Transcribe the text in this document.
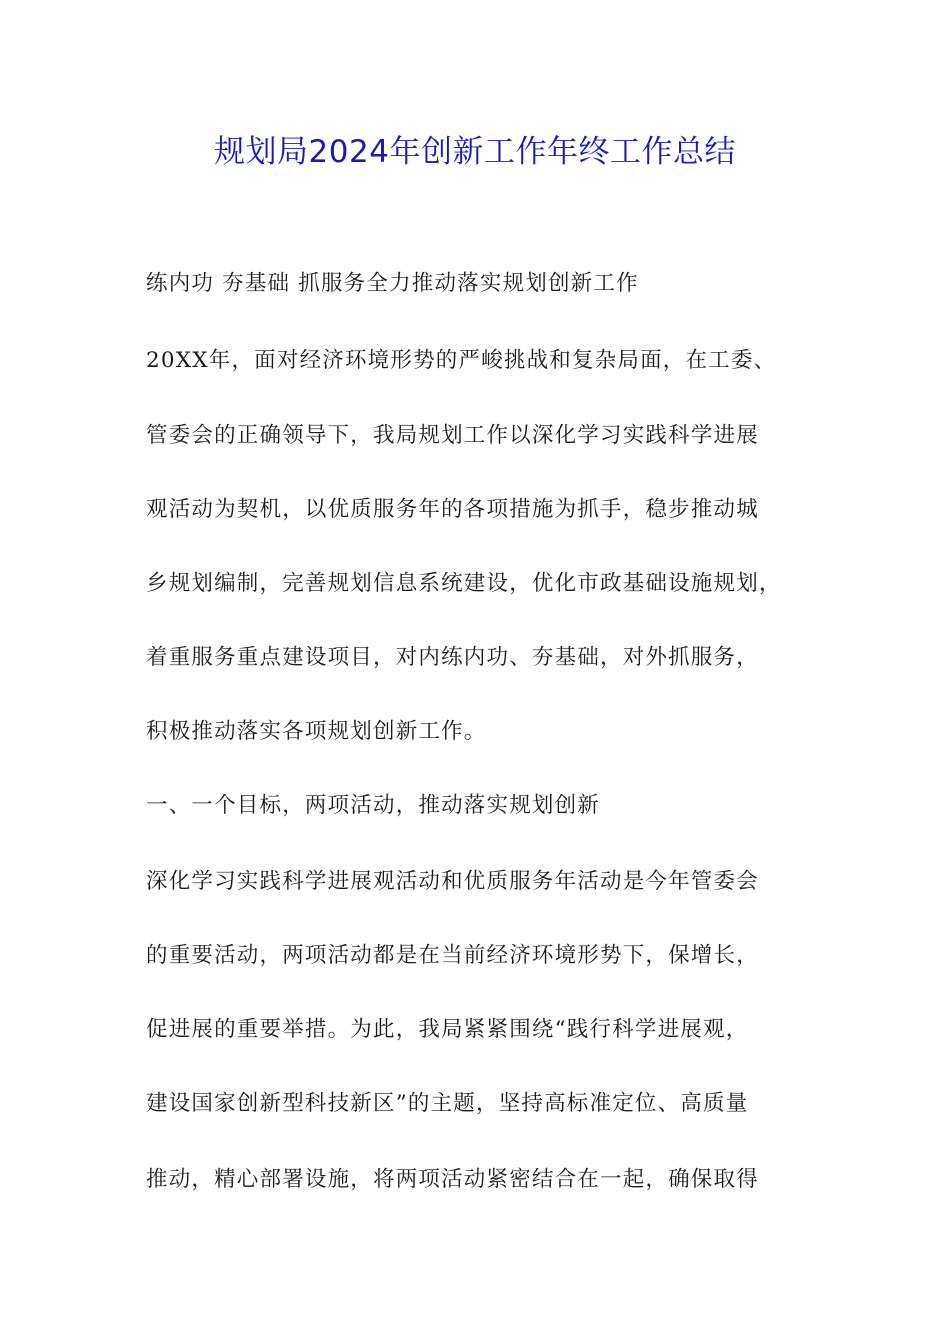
规划局2024年创新工作年终工作总结

练内功 夯基础 抓服务全力推动落实规划创新工作

20XX年，面对经济环境形势的严峻挑战和复杂局面，在工委、

管委会的正确领导下，我局规划工作以深化学习实践科学进展

观活动为契机，以优质服务年的各项措施为抓手，稳步推动城

乡规划编制，完善规划信息系统建设，优化市政基础设施规划，

着重服务重点建设项目，对内练内功、夯基础，对外抓服务，

积极推动落实各项规划创新工作。

一、一个目标，两项活动，推动落实规划创新

深化学习实践科学进展观活动和优质服务年活动是今年管委会

的重要活动，两项活动都是在当前经济环境形势下，保增长，

促进展的重要举措。为此，我局紧紧围绕“践行科学进展观，

建设国家创新型科技新区”的主题，坚持高标准定位、高质量

推动，精心部署设施，将两项活动紧密结合在一起，确保取得
